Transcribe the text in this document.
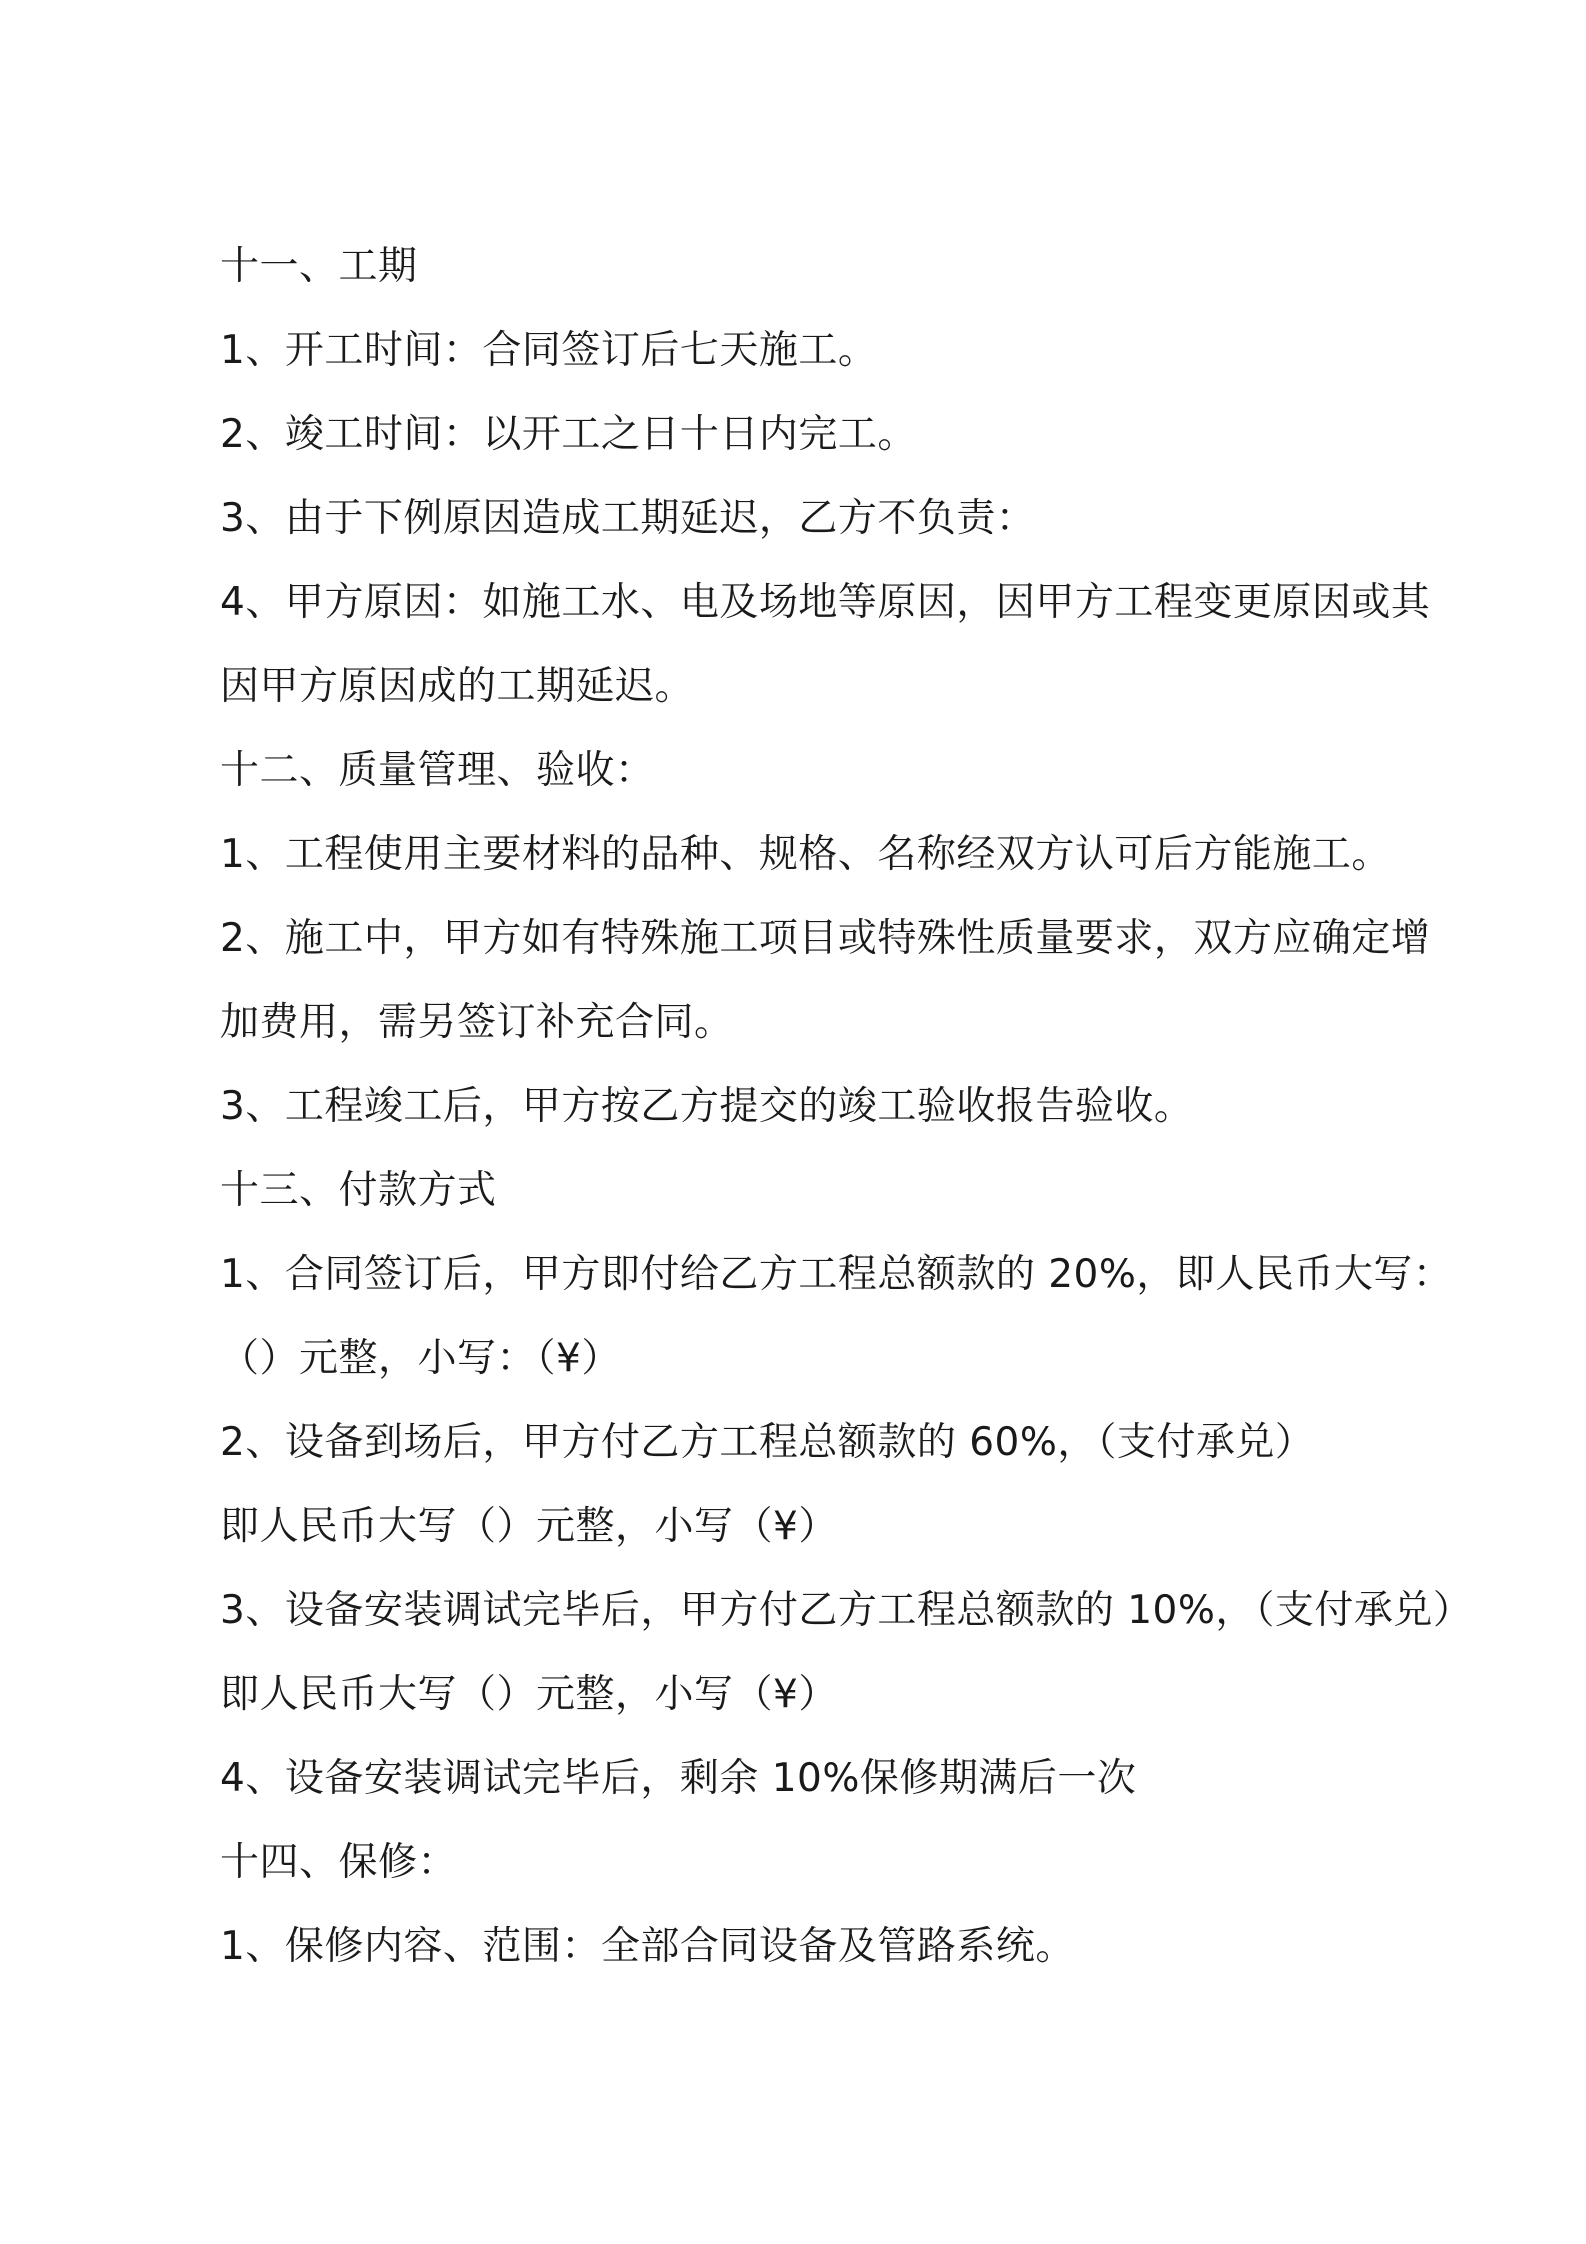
十一、工期
1、开工时间：合同签订后七天施工。
2、竣工时间：以开工之日十日内完工。
3、由于下例原因造成工期延迟，乙方不负责：
4、甲方原因：如施工水、电及场地等原因，因甲方工程变更原因或其
因甲方原因成的工期延迟。
十二、质量管理、验收：
1、工程使用主要材料的品种、规格、名称经双方认可后方能施工。
2、施工中，甲方如有特殊施工项目或特殊性质量要求，双方应确定增
加费用，需另签订补充合同。
3、工程竣工后，甲方按乙方提交的竣工验收报告验收。
十三、付款方式
1、合同签订后，甲方即付给乙方工程总额款的 20%，即人民币大写：
（）元整，小写：（¥）
2、设备到场后，甲方付乙方工程总额款的 60%，（支付承兑）
即人民币大写（）元整，小写（¥）
3、设备安装调试完毕后，甲方付乙方工程总额款的 10%，（支付承兑）
即人民币大写（）元整，小写（¥）
4、设备安装调试完毕后，剩余 10%保修期满后一次
十四、保修：
1、保修内容、范围：全部合同设备及管路系统。
